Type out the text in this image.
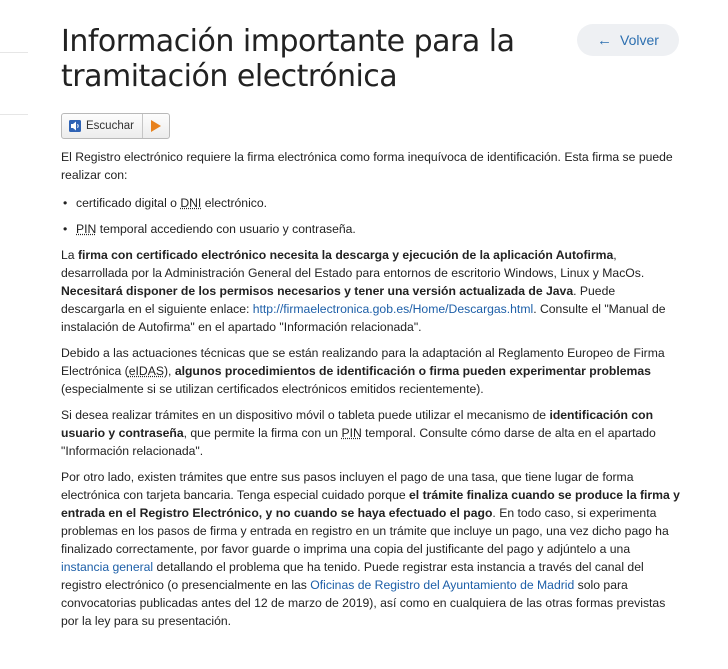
Información importante para la tramitación electrónica
← Volver
Escuchar

El Registro electrónico requiere la firma electrónica como forma inequívoca de identificación. Esta firma se puede realizar con:

• certificado digital o DNI electrónico.
• PIN temporal accediendo con usuario y contraseña.

La firma con certificado electrónico necesita la descarga y ejecución de la aplicación Autofirma, desarrollada por la Administración General del Estado para entornos de escritorio Windows, Linux y MacOs. Necesitará disponer de los permisos necesarios y tener una versión actualizada de Java. Puede descargarla en el siguiente enlace: http://firmaelectronica.gob.es/Home/Descargas.html. Consulte el "Manual de instalación de Autofirma" en el apartado "Información relacionada".

Debido a las actuaciones técnicas que se están realizando para la adaptación al Reglamento Europeo de Firma Electrónica (eIDAS), algunos procedimientos de identificación o firma pueden experimentar problemas (especialmente si se utilizan certificados electrónicos emitidos recientemente).

Si desea realizar trámites en un dispositivo móvil o tableta puede utilizar el mecanismo de identificación con usuario y contraseña, que permite la firma con un PIN temporal. Consulte cómo darse de alta en el apartado "Información relacionada".

Por otro lado, existen trámites que entre sus pasos incluyen el pago de una tasa, que tiene lugar de forma electrónica con tarjeta bancaria. Tenga especial cuidado porque el trámite finaliza cuando se produce la firma y entrada en el Registro Electrónico, y no cuando se haya efectuado el pago. En todo caso, si experimenta problemas en los pasos de firma y entrada en registro en un trámite que incluye un pago, una vez dicho pago ha finalizado correctamente, por favor guarde o imprima una copia del justificante del pago y adjúntelo a una instancia general detallando el problema que ha tenido. Puede registrar esta instancia a través del canal del registro electrónico (o presencialmente en las Oficinas de Registro del Ayuntamiento de Madrid solo para convocatorias publicadas antes del 12 de marzo de 2019), así como en cualquiera de las otras formas previstas por la ley para su presentación.
